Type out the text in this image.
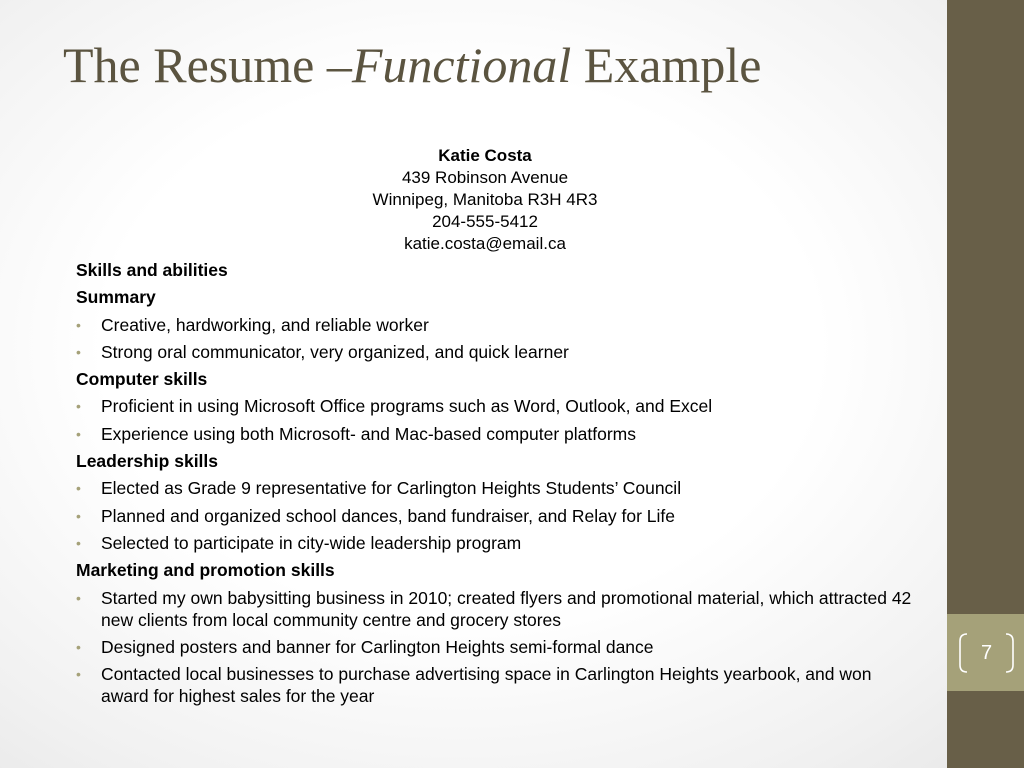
7
The Resume –Functional Example
Katie Costa
439 Robinson Avenue
Winnipeg, Manitoba R3H 4R3
204-555-5412
katie.costa@email.ca
Skills and abilities
Summary
• Creative, hardworking, and reliable worker
• Strong oral communicator, very organized, and quick learner
Computer skills
• Proficient in using Microsoft Office programs such as Word, Outlook, and Excel
• Experience using both Microsoft- and Mac-based computer platforms
Leadership skills
• Elected as Grade 9 representative for Carlington Heights Students’ Council
• Planned and organized school dances, band fundraiser, and Relay for Life
• Selected to participate in city-wide leadership program
Marketing and promotion skills
• Started my own babysitting business in 2010; created flyers and promotional material, which attracted 42 new clients from local community centre and grocery stores
• Designed posters and banner for Carlington Heights semi-formal dance
• Contacted local businesses to purchase advertising space in Carlington Heights yearbook, and won award for highest sales for the year
